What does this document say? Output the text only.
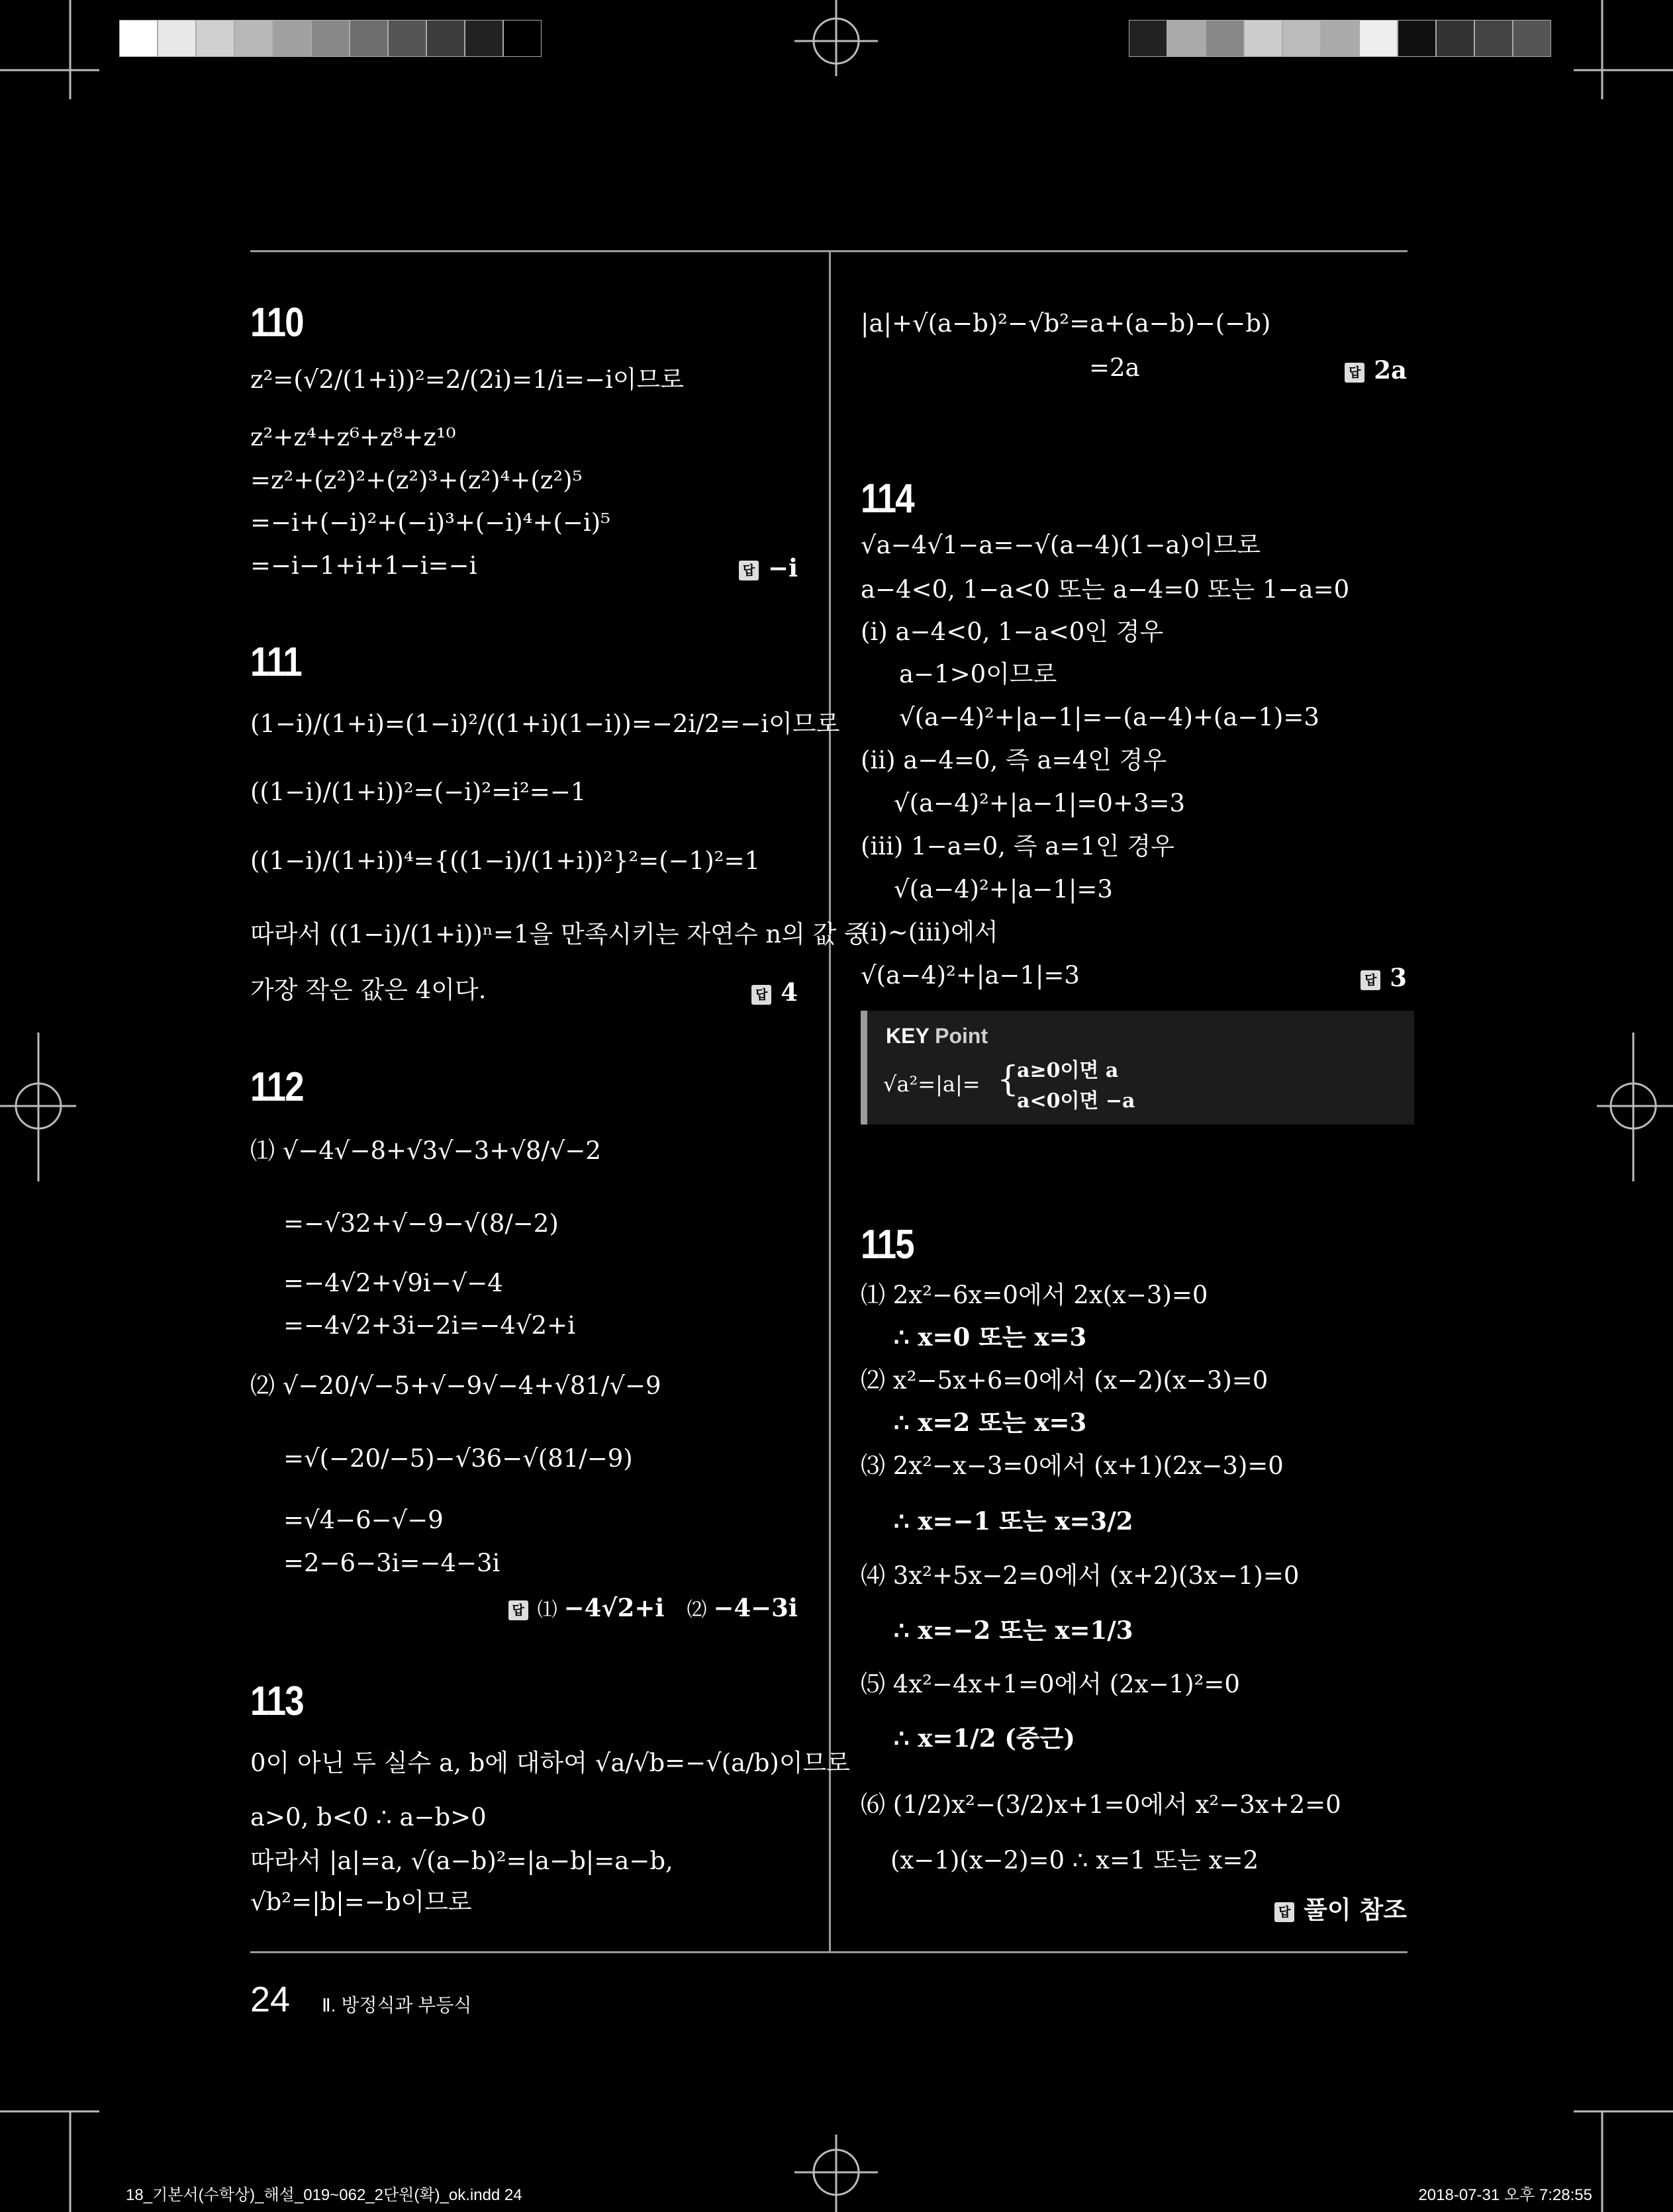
110
z²=(√2/(1+i))²=2/(2i)=1/i=−i이므로
z²+z⁴+z⁶+z⁸+z¹⁰
=z²+(z²)²+(z²)³+(z²)⁴+(z²)⁵
=−i+(−i)²+(−i)³+(−i)⁴+(−i)⁵
=−i−1+i+1−i=−i	답 −i
111
(1−i)/(1+i)=(1−i)²/((1+i)(1−i))=−2i/2=−i이므로
((1−i)/(1+i))²=(−i)²=i²=−1
((1−i)/(1+i))⁴={((1−i)/(1+i))²}²=(−1)²=1
따라서 ((1−i)/(1+i))ⁿ=1을 만족시키는 자연수 n의 값 중
가장 작은 값은 4이다.	답 4
112
⑴ √−4√−8+√3√−3+√8/√−2
=−√32+√−9−√(8/−2)
=−4√2+√9i−√−4
=−4√2+3i−2i=−4√2+i
⑵ √−20/√−5+√−9√−4+√81/√−9
=√(−20/−5)−√36−√(81/−9)
=√4−6−√−9
=2−6−3i=−4−3i
답 ⑴ −4√2+i ⑵ −4−3i
113
0이 아닌 두 실수 a, b에 대하여 √a/√b=−√(a/b)이므로
a>0, b<0 ∴ a−b>0
따라서 |a|=a, √(a−b)²=|a−b|=a−b,
√b²=|b|=−b이므로
|a|+√(a−b)²−√b²=a+(a−b)−(−b)
=2a	답 2a
114
√a−4√1−a=−√(a−4)(1−a)이므로
a−4<0, 1−a<0 또는 a−4=0 또는 1−a=0
(ⅰ) a−4<0, 1−a<0인 경우
a−1>0이므로
√(a−4)²+|a−1|=−(a−4)+(a−1)=3
(ⅱ) a−4=0, 즉 a=4인 경우
√(a−4)²+|a−1|=0+3=3
(ⅲ) 1−a=0, 즉 a=1인 경우
√(a−4)²+|a−1|=3
(ⅰ)~(ⅲ)에서
√(a−4)²+|a−1|=3	답 3
KEY Point
√a²=|a|= {
a≥0이면 a
a<0이면 −a
115
⑴ 2x²−6x=0에서 2x(x−3)=0
∴ x=0 또는 x=3
⑵ x²−5x+6=0에서 (x−2)(x−3)=0
∴ x=2 또는 x=3
⑶ 2x²−x−3=0에서 (x+1)(2x−3)=0
∴ x=−1 또는 x=3/2
⑷ 3x²+5x−2=0에서 (x+2)(3x−1)=0
∴ x=−2 또는 x=1/3
⑸ 4x²−4x+1=0에서 (2x−1)²=0
∴ x=1/2 (중근)
⑹ (1/2)x²−(3/2)x+1=0에서 x²−3x+2=0
(x−1)(x−2)=0 ∴ x=1 또는 x=2
답 풀이 참조
24 Ⅱ. 방정식과 부등식
18_기본서(수학상)_해설_019~062_2단원(확)_ok.indd 24	2018-07-31 오후 7:28:55
